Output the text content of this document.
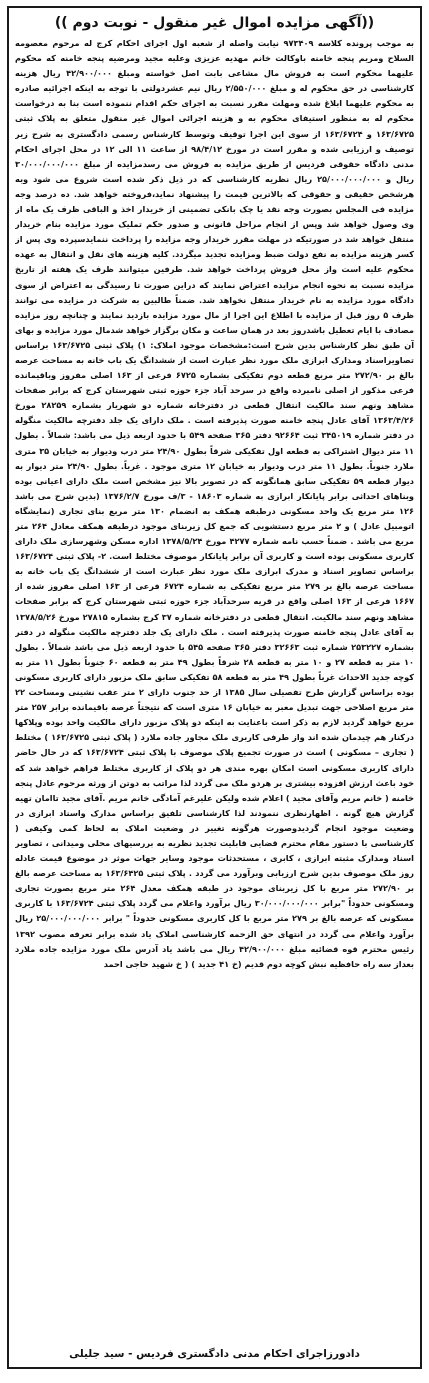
((آگهی مزایده اموال غیر منقول - نوبت دوم ))

به موجب پرونده کلاسه ۹۷۳۴۰۹ نیابت واصله از شعبه اول اجرای احکام کرج له مرحوم معصومه السلاح ومریم پنجه خامنه باوکالت خانم مهدیه عزیزی وعلیه مجید ومرضیه پنجه خامنه که محکوم علیهما محکوم است به فروش مال مشاعی بابت اصل خواسته ومبلغ ۴۲/۹۰۰/۰۰۰ ریال هزینه کارشناسی در حق محکوم له و مبلغ ۲/۵۵۰/۰۰۰ ریال نیم عشردولتی با توجه به اینکه اجرائیه صادره به محکوم علیهما ابلاغ شده ومهلت مقرر نسبت به اجرای حکم اقدام ننموده است بنا به درخواست محکوم له به منظور استیفای محکوم به و هزینه اجرائی اموال غیر منقول متعلق به پلاک ثبتی ۱۶۳/۶۷۲۵ و ۱۶۳/۶۷۲۴ از سوی این اجرا توقیف وتوسط کارشناس رسمی دادگستری به شرح زیر توصیف و ارزیابی شده و مقرر است در مورخ ۹۸/۴/۱۲ از ساعت ۱۱ الی ۱۲ در محل اجرای احکام مدنی دادگاه حقوقی فردیس از طریق مزایده به فروش می رسدمزایده از مبلغ ۳۰/۰۰۰/۰۰۰/۰۰۰ ریال و ۲۵/۰۰۰/۰۰۰/۰۰۰ ریال نظریه کارشناسی که در ذیل ذکر شده است شروع می شود وبه هرشخص حقیقی و حقوقی که بالاترین قیمت را پیشنهاد نماید،فروخته خواهد شد. ده درصد وجه مزایده فی المجلس بصورت وجه نقد یا چک بانکی تضمینی از خریدار اخذ و الباقی ظرف یک ماه از وی وصول خواهد شد وپس از انجام مراحل قانونی و صدور حکم تملیک مورد مزایده بنام خریدار منتقل خواهد شد در صورتیکه در مهلت مقرر خریدار وجه مزایده را پرداخت ننمایدسپرده وی پس از کسر هزینه مزایده به نفع دولت ضبط ومزایده تجدید میگردد. کلیه هزینه های نقل و انتقال به عهده محکوم علیه است واز محل فروش پرداخت خواهد شد. طرفین میتوانند ظرف یک هفته از تاریخ مزایده نسبت به نحوه انجام مزایده اعتراض نمایند که دراین صورت تا رسیدگی به اعتراض از سوی دادگاه مورد مزایده به نام خریدار منتقل نخواهد شد. ضمناً طالبین به شرکت در مزایده می توانند ظرف ۵ روز قبل از مزایده با اطلاع این اجرا از مال مورد مزایده بازدید نمایند و چنانچه روز مزایده مصادف با ایام تعطیل باشدروز بعد در همان ساعت و مکان برگزار خواهد شدمال مورد مزایده و بهای آن طبق نظر کارشناس بدین شرح است:مشخصات موجود املاک: ۱) پلاک ثبتی ۱۶۳/۶۷۲۵ براساس تصاویراسناد ومدارک ابرازی ملک مورد نظر عبارت است از ششدانگ یک باب خانه به مساحت عرصه بالغ بر ۲۷۲/۹۰ متر مربع قطعه دوم تفکیکی بشماره ۶۷۲۵ فرعی از ۱۶۳ اصلی مفروز وباقیمانده فرعی مذکور از اصلی نامبرده واقع در سرحد آباد جزء حوزه ثبتی شهرستان کرج که برابر صفحات مشاهد ونهم سند مالکیت انتقال قطعی در دفترخانه شماره دو شهریار بشماره ۲۸۲۵۹ مورخ ۱۳۶۳/۴/۲۶ آقای عادل پنجه خامنه صورت پذیرفته است . ملک دارای یک جلد دفترچه مالکیت منگوله در دفتر شماره ۳۴۵۰۱۹ ثبت ۹۲۶۶۴ دفتر ۳۶۵ صفحه ۵۴۹ با حدود اربعه ذیل می باشد: شمالاً . بطول ۱۱ متر دیوال اشتراکی به قطعه اول تفکیکی شرقاً بطول ۲۴/۹۰ متر درب ودیوار به خیابان ۳۵ متری ملارد جنوباً. بطول ۱۱ متر درب ودیوار به خیابان ۱۲ متری موجود . غرباً. بطول ۲۴/۹۰ متر دیوار به دیوار قطعه ۵۹ تفکیکی سابق همانگونه که در تصویر بالا نیز مشخص است ملک دارای اعیانی بوده وبناهای احداثی برابر پایانکار ابرازی به شماره ۱۸۶۰۳ - ۳/ف مورخ ۱۳۷۶/۲/۷ (بدین شرح می باشد ۱۲۶ متر مربع یک واحد مسکونی درطبقه همکف به انضمام ۱۳۰ متر مربع بنای تجاری (نمایشگاه اتومبیل عادل ) و ۲ متر مربع دستشویی که جمع کل زیربنای موجود درطبقه همکف معادل ۲۶۴ متر مربع می باشد . ضمناً حسب نامه شماره ۴۲۷۷ مورخ ۱۳۷۸/۵/۲۴ اداره مسکن وشهرسازی ملک دارای کاربری مسکونی بوده است و کاربری آن برابر پایانکار موصوف مختلط است. ۲- پلاک ثبتی ۱۶۳/۶۷۲۴ براساس تصاویر اسناد و مدرک ابرازی ملک مورد نظر عبارت است از ششدانگ یک باب خانه به مساحت عرصه بالغ بر ۲۷۹ متر مربع تفکیکی به شماره ۶۷۲۴ فرعی از ۱۶۳ اصلی مفروز شده از ۱۶۶۷ فرعی از ۱۶۳ اصلی واقع در قریه سرحدآباد جزء حوزه ثبتی شهرستان کرج که برابر صفحات مشاهد ونهم سند مالکیت. انتقال قطعی در دفترخانه شماره ۳۷ کرج بشماره ۲۷۸۱۵ مورخ ۱۳۷۸/۵/۲۶ به آقای عادل پنجه خامنه صورت پذیرفته است . ملک دارای یک جلد دفترچه مالکیت منگوله در دفتر بشماره ۲۵۳۲۲۷ شماره ثبت ۳۲۶۶۳ دفتر ۳۶۵ صفحه ۵۴۵ با حدود اربعه ذیل می باشد شمالاً . بطول ۱۰ متر به قطعه ۲۷ و ۱۰ متر به قطعه ۲۸ شرقاً بطول ۴۹ متر به قطعه ۶۰ جنوباً بطول ۱۱ متر به کوچه جدید الاحداث غرباً بطول ۴۹ متر به قطعه ۵۸ تفکیکی سابق ملک مزبور دارای کاربری مسکونی بوده براساس گزارش طرح تفصیلی سال ۱۳۸۵ از حد جنوب دارای ۲ متر عقب نشینی ومساحت ۲۲ متر مربع اصلاحی جهت تبدیل معبر به خیابان ۱۶ متری است که نتیجتاً عرصه باقیمانده برابر ۲۵۷ متر مربع خواهد گردید لازم به ذکر است باعنایت به اینکه دو پلاک مزبور دارای مالکیت واحد بوده وپلاکها درکنار هم چیدمان شده اند واز طرفی کاربری ملک مجاور جاده ملارد ( پلاک ثبتی ۱۶۳/۶۷۲۵ ) مختلط ( تجاری – مسکونی ) است در صورت تجمیع پلاک موصوف با پلاک ثبتی ۱۶۳/۶۷۲۴ که در حال حاضر دارای کاربری مسکونی است امکان بهره مندی هر دو پلاک از کاربری مختلط فراهم خواهد شد که خود باعث ارزش افزوده بیشتری بر هردو ملک می گردد لذا مراتب به دوتن از ورثه مرحوم عادل پنجه خامنه ( خانم مریم وآقای مجید ) اعلام شده ولیکن علیرغم آمادگی خانم مریم .آقای مجید تاامان تهیه گزارش هیچ گونه . اظهارنظری ننمودند لذا کارشناسی تلفیق براساس مدارک واسناد ابرازی در وضعیت موجود انجام گردیدوصورت هرگونه تغییر در وضعیت املاک به لحاظ کمی وکیفی ( کارشناسی با دستور مقام محترم قضایی قابلیت تجدید نظریه به بررسیهای محلی ومیدانی ، تصاویر اسناد ومدارک مثبته ابرازی ، کابری ، مستحدثات موجود وسایر جهات موثر در موضوع قیمت عادله روز ملک موصوف بدین شرح ارزیابی وبرآورد می گردد . پلاک ثبتی ۱۶۳/۶۴۲۵ به مساحت عرصه بالغ بر ۲۷۲/۹۰ متر مربع با کل زیربنای موجود در طبقه همکف معدل ۲۶۴ متر مربع بصورت تجاری ومسکونی حدوداً "برابر ۳۰/۰۰۰/۰۰۰/۰۰۰ ریال برآورد واعلام می گردد پلاک ثبتی ۱۶۳/۶۷۲۴ با کاربری مسکونی که عرصه بالغ بر ۲۷۹ متر مربع با کل کاربری مسکونی حدوداً " برابر ۲۵/۰۰۰/۰۰۰/۰۰۰ ریال برآورد واعلام می گردد در انتهای حق الزحمه کارشناسی املاک یاد شده برابر تعرفه مصوب ۱۳۹۲ رئیس محترم قوه قضائیه مبلغ ۴۲/۹۰۰/۰۰۰ ریال می باشد یاد آدرس ملک مورد مزایده جاده ملارد بعداز سه راه حافظیه نبش کوچه دوم قدیم (خ ۴۱ جدید ) ( خ شهید حاجی احمد

دادورزاجرای احکام مدنی دادگستری فردیس - سید جلیلی
